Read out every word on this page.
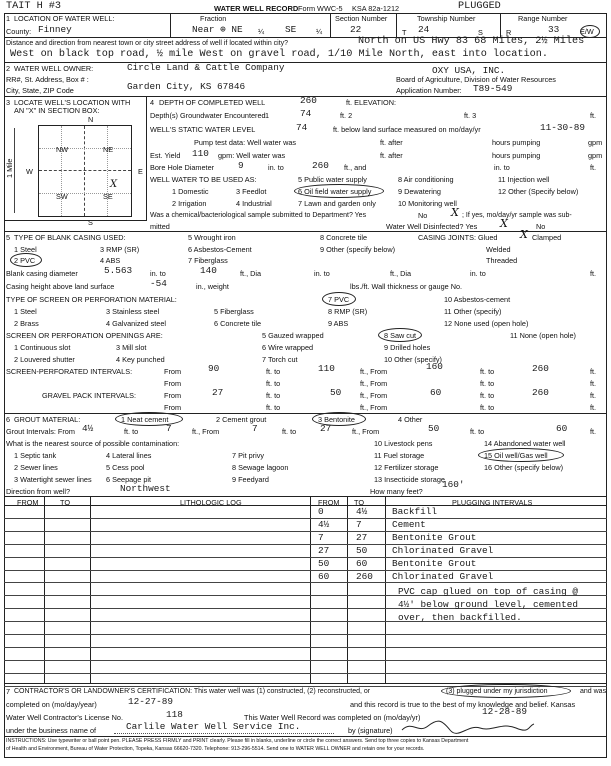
TAIT H #3	WATER WELL RECORD Form WWC-5 KSA 82a-1212	PLUGGED
1 LOCATION OF WATER WELL:	Fraction	Section Number	Township Number	Range Number
County: Finney	Near ⊕ NE ¼ SE	¼	22	T 24	S	R	33	E/W
Distance and direction from nearest town or city street address of well if located within city?	North on US Hwy 83 68 Miles, 2½ Miles
West on black top road, ½ mile West on gravel road, 1/10 Mile North, east into location.
2 WATER WELL OWNER:	Circle Land & Cattle Company	OXY USA, INC.
RR#, St. Address, Box # :	Board of Agriculture, Division of Water Resources
City, State, ZIP Code	Garden City, KS 67846	Application Number: T89-549
3 LOCATE WELL'S LOCATION WITH
AN "X" IN SECTION BOX:
N
S
W	E
1 Mile
NW	NE
SW	SE
X
4 DEPTH OF COMPLETED WELL	260	ft. ELEVATION:
Depth(s) Groundwater Encountered 1	74	ft. 2	ft. 3	ft.
WELL'S STATIC WATER LEVEL	74	ft. below land surface measured on mo/day/yr	11-30-89
Pump test data: Well water was	ft. after	hours pumping	gpm
Est. Yield 110 gpm: Well water was	ft. after	hours pumping	gpm
Bore Hole Diameter	9	in. to	260 ft., and	in. to	ft.
WELL WATER TO BE USED AS:	5 Public water supply	8 Air conditioning	11 Injection well
1 Domestic	3 Feedlot	6 Oil field water supply	9 Dewatering	12 Other (Specify below)
2 Irrigation	4 Industrial	7 Lawn and garden only	10 Monitoring well
Was a chemical/bacteriological sample submitted to Department? Yes	No X ; If yes, mo/day/yr sample was sub-
mitted	Water Well Disinfected? Yes X	No
5 TYPE OF BLANK CASING USED:	5 Wrought iron	8 Concrete tile	CASING JOINTS: Glued X Clamped
1 Steel	3 RMP (SR)	6 Asbestos-Cement	9 Other (specify below)	Welded
2 PVC	4 ABS	7 Fiberglass	Threaded
Blank casing diameter	5.563 in. to	140	ft., Dia	in. to	ft., Dia	in. to	ft.
Casing height above land surface	-54	in., weight	lbs./ft. Wall thickness or gauge No.
TYPE OF SCREEN OR PERFORATION MATERIAL:	7 PVC	10 Asbestos-cement
1 Steel	3 Stainless steel	5 Fiberglass	8 RMP (SR)	11 Other (specify)
2 Brass	4 Galvanized steel	6 Concrete tile	9 ABS	12 None used (open hole)
SCREEN OR PERFORATION OPENINGS ARE:	5 Gauzed wrapped	8 Saw cut	11 None (open hole)
1 Continuous slot	3 Mill slot	6 Wire wrapped	9 Drilled holes
2 Louvered shutter	4 Key punched	7 Torch cut	10 Other (specify)
SCREEN-PERFORATED INTERVALS:	From	90	ft. to	110	ft., From	160	ft. to	260	ft.
From	ft. to	ft., From	ft. to	ft.
GRAVEL PACK INTERVALS:	From	27	ft. to	50	ft., From	60	ft. to	260	ft.
From	ft. to	ft., From	ft. to	ft.
6 GROUT MATERIAL:	1 Neat cement	2 Cement grout	3 Bentonite	4 Other
Grout Intervals: From 4½	ft. to	7	ft., From	7	ft. to	27	ft., From	50	ft. to	60	ft.
What is the nearest source of possible contamination:	10 Livestock pens	14 Abandoned water well
1 Septic tank	4 Lateral lines	7 Pit privy	11 Fuel storage	15 Oil well/Gas well
2 Sewer lines	5 Cess pool	8 Sewage lagoon	12 Fertilizer storage	16 Other (specify below)
3 Watertight sewer lines 6 Seepage pit	9 Feedyard	13 Insecticide storage
Direction from well?	Northwest	How many feet?
160'
FROM	TO	LITHOLOGIC LOG	FROM TO	PLUGGING INTERVALS
0	4½	Backfill
4½	7	Cement
7	27	Bentonite Grout
27	50	Chlorinated Gravel
50	60	Bentonite Grout
60	260 Chlorinated Gravel
PVC cap glued on top of casing @
4½' below ground level, cemented
over, then backfilled.
7 CONTRACTOR'S OR LANDOWNER'S CERTIFICATION: This water well was (1) constructed, (2) reconstructed, or	(3) plugged under my jurisdiction	and was
completed on (mo/day/year)	12-27-89	and this record is true to the best of my knowledge and belief. Kansas
Water Well Contractor's License No.	118	This Water Well Record was completed on (mo/day/yr)
12-28-89
under the business name of	Carlile Water Well Service Inc.	by (signature)
INSTRUCTIONS: Use typewriter or ball point pen. PLEASE PRESS FIRMLY and PRINT clearly. Please fill in blanks, underline or circle the correct answers. Send top three copies to Kansas Department
of Health and Environment, Bureau of Water Protection, Topeka, Kansas 66620-7320. Telephone: 913-296-5514. Send one to WATER WELL OWNER and retain one for your records.
